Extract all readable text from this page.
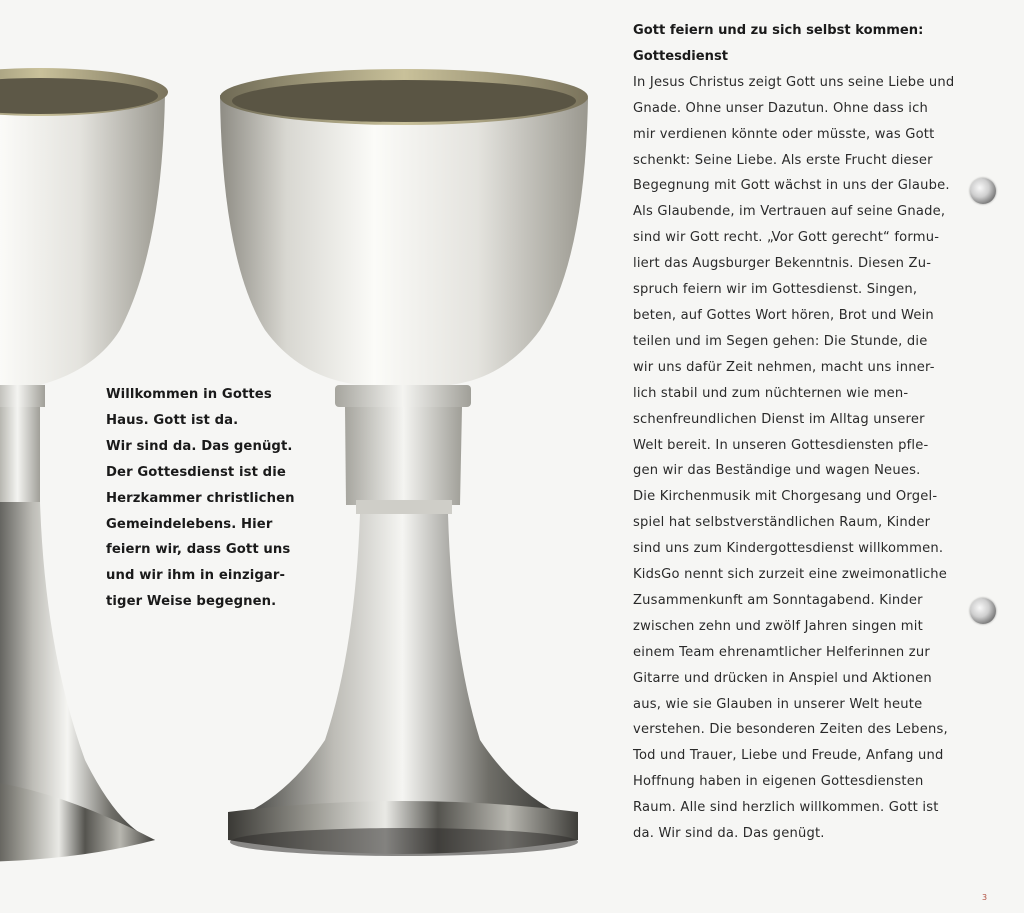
Willkommen in Gottes
Haus. Gott ist da.
Wir sind da. Das genügt.
Der Gottesdienst ist die
Herzkammer christlichen
Gemeindelebens. Hier
feiern wir, dass Gott uns
und wir ihm in einzigar-
tiger Weise begegnen.
Gott feiern und zu sich selbst kommen:
Gottesdienst
In Jesus Christus zeigt Gott uns seine Liebe und
Gnade. Ohne unser Dazutun. Ohne dass ich
mir verdienen könnte oder müsste, was Gott
schenkt: Seine Liebe. Als erste Frucht dieser
Begegnung mit Gott wächst in uns der Glaube.
Als Glaubende, im Vertrauen auf seine Gnade,
sind wir Gott recht. „Vor Gott gerecht“ formu-
liert das Augsburger Bekenntnis. Diesen Zu-
spruch feiern wir im Gottesdienst. Singen,
beten, auf Gottes Wort hören, Brot und Wein
teilen und im Segen gehen: Die Stunde, die
wir uns dafür Zeit nehmen, macht uns inner-
lich stabil und zum nüchternen wie men-
schenfreundlichen Dienst im Alltag unserer
Welt bereit. In unseren Gottesdiensten pfle-
gen wir das Beständige und wagen Neues.
Die Kirchenmusik mit Chorgesang und Orgel-
spiel hat selbstverständlichen Raum, Kinder
sind uns zum Kindergottesdienst willkommen.
KidsGo nennt sich zurzeit eine zweimonatliche
Zusammenkunft am Sonntagabend. Kinder
zwischen zehn und zwölf Jahren singen mit
einem Team ehrenamtlicher Helferinnen zur
Gitarre und drücken in Anspiel und Aktionen
aus, wie sie Glauben in unserer Welt heute
verstehen. Die besonderen Zeiten des Lebens,
Tod und Trauer, Liebe und Freude, Anfang und
Hoffnung haben in eigenen Gottesdiensten
Raum. Alle sind herzlich willkommen. Gott ist
da. Wir sind da. Das genügt.
3
